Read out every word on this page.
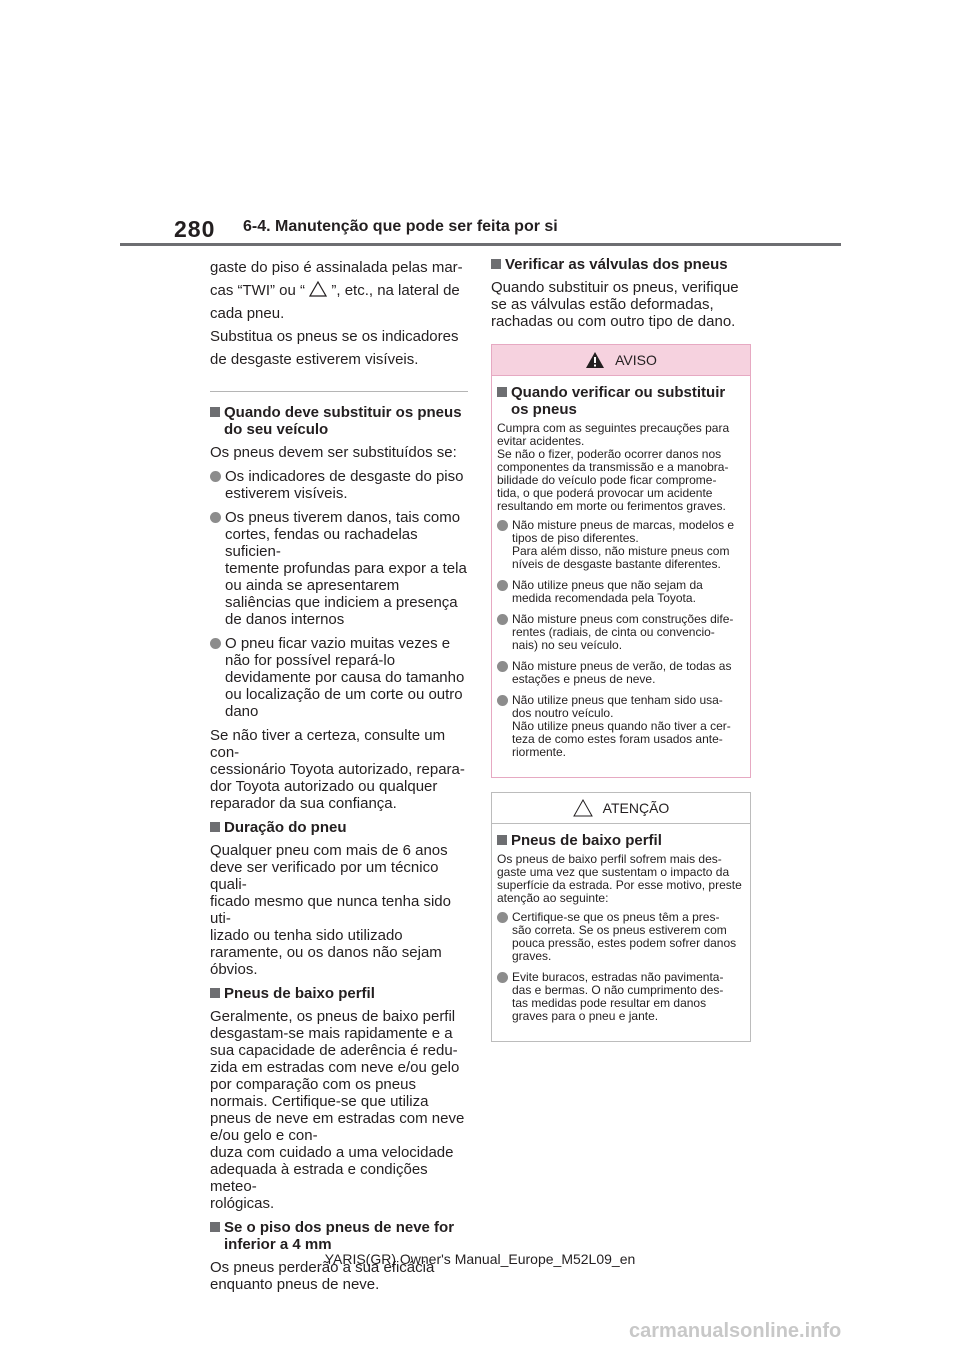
280 6-4. Manutenção que pode ser feita por si
gaste do piso é assinalada pelas mar-
cas “TWI” ou “ ”, etc., na lateral de
cada pneu.
Substitua os pneus se os indicadores
de desgaste estiverem visíveis.
Quando deve substituir os pneus do seu veículo
Os pneus devem ser substituídos se:
Os indicadores de desgaste do piso estiverem visíveis.
Os pneus tiverem danos, tais como cortes, fendas ou rachadelas suficien-
temente profundas para expor a tela ou ainda se apresentarem saliências que indiciem a presença de danos internos
O pneu ficar vazio muitas vezes e não for possível repará-lo devidamente por causa do tamanho ou localização de um corte ou outro dano
Se não tiver a certeza, consulte um con-
cessionário Toyota autorizado, repara-
dor Toyota autorizado ou qualquer reparador da sua confiança.
Duração do pneu
Qualquer pneu com mais de 6 anos deve ser verificado por um técnico quali-
ficado mesmo que nunca tenha sido uti-
lizado ou tenha sido utilizado raramente, ou os danos não sejam óbvios.
Pneus de baixo perfil
Geralmente, os pneus de baixo perfil desgastam-se mais rapidamente e a sua capacidade de aderência é redu-
zida em estradas com neve e/ou gelo por comparação com os pneus normais. Certifique-se que utiliza pneus de neve em estradas com neve e/ou gelo e con-
duza com cuidado a uma velocidade adequada à estrada e condições meteo-
rológicas.
Se o piso dos pneus de neve for inferior a 4 mm
Os pneus perderão a sua eficácia enquanto pneus de neve.
Verificar as válvulas dos pneus
Quando substituir os pneus, verifique se as válvulas estão deformadas, rachadas ou com outro tipo de dano.
AVISO
Quando verificar ou substituir os pneus
Cumpra com as seguintes precauções para evitar acidentes.
Se não o fizer, poderão ocorrer danos nos componentes da transmissão e a manobra-
bilidade do veículo pode ficar comprome-
tida, o que poderá provocar um acidente resultando em morte ou ferimentos graves.
Não misture pneus de marcas, modelos e tipos de piso diferentes.
Para além disso, não misture pneus com níveis de desgaste bastante diferentes.
Não utilize pneus que não sejam da medida recomendada pela Toyota.
Não misture pneus com construções dife-
rentes (radiais, de cinta ou convencio-
nais) no seu veículo.
Não misture pneus de verão, de todas as estações e pneus de neve.
Não utilize pneus que tenham sido usa-
dos noutro veículo.
Não utilize pneus quando não tiver a cer-
teza de como estes foram usados ante-
riormente.
ATENÇÃO
Pneus de baixo perfil
Os pneus de baixo perfil sofrem mais des-
gaste uma vez que sustentam o impacto da superfície da estrada. Por esse motivo, preste atenção ao seguinte:
Certifique-se que os pneus têm a pres-
são correta. Se os pneus estiverem com pouca pressão, estes podem sofrer danos graves.
Evite buracos, estradas não pavimenta-
das e bermas. O não cumprimento des-
tas medidas pode resultar em danos graves para o pneu e jante.
YARIS(GR) Owner's Manual_Europe_M52L09_en
carmanualsonline.info
